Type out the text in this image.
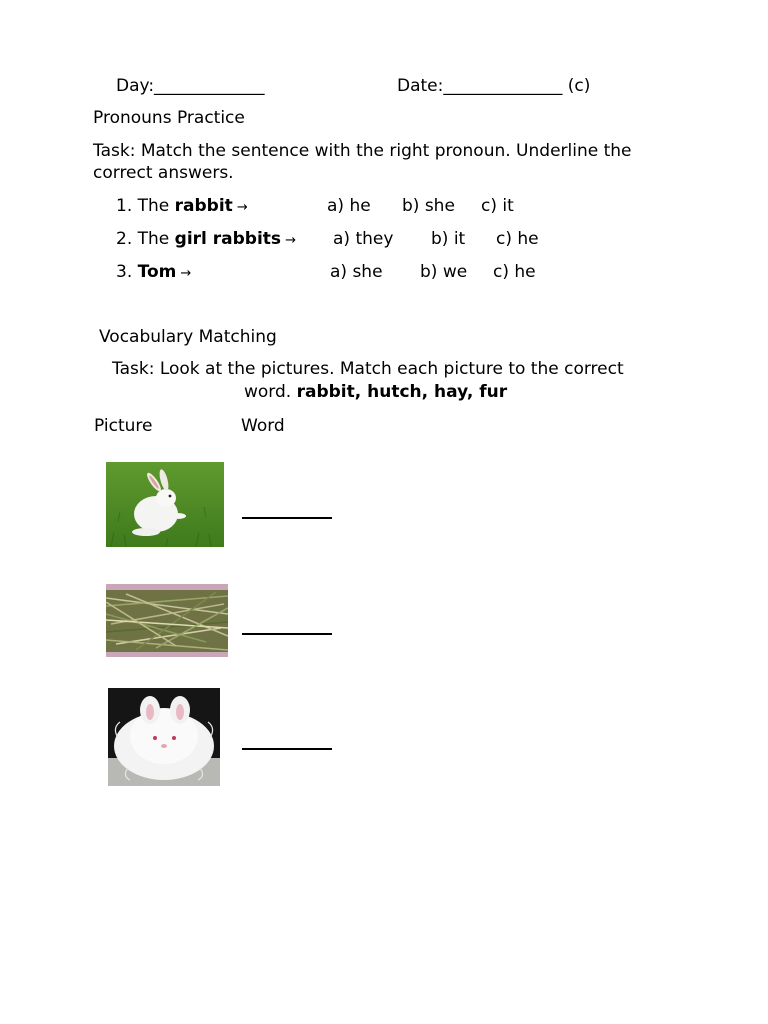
Day:_____________	Date:______________ (c)
Pronouns Practice
Task: Match the sentence with the right pronoun. Underline the
correct answers.
1. The rabbit →	a) he b) she c) it
2. The girl rabbits → a) they b) it c) he
3. Tom →	a) she b) we c) he
Vocabulary Matching
Task: Look at the pictures. Match each picture to the correct
word. rabbit, hutch, hay, fur
Picture	Word
